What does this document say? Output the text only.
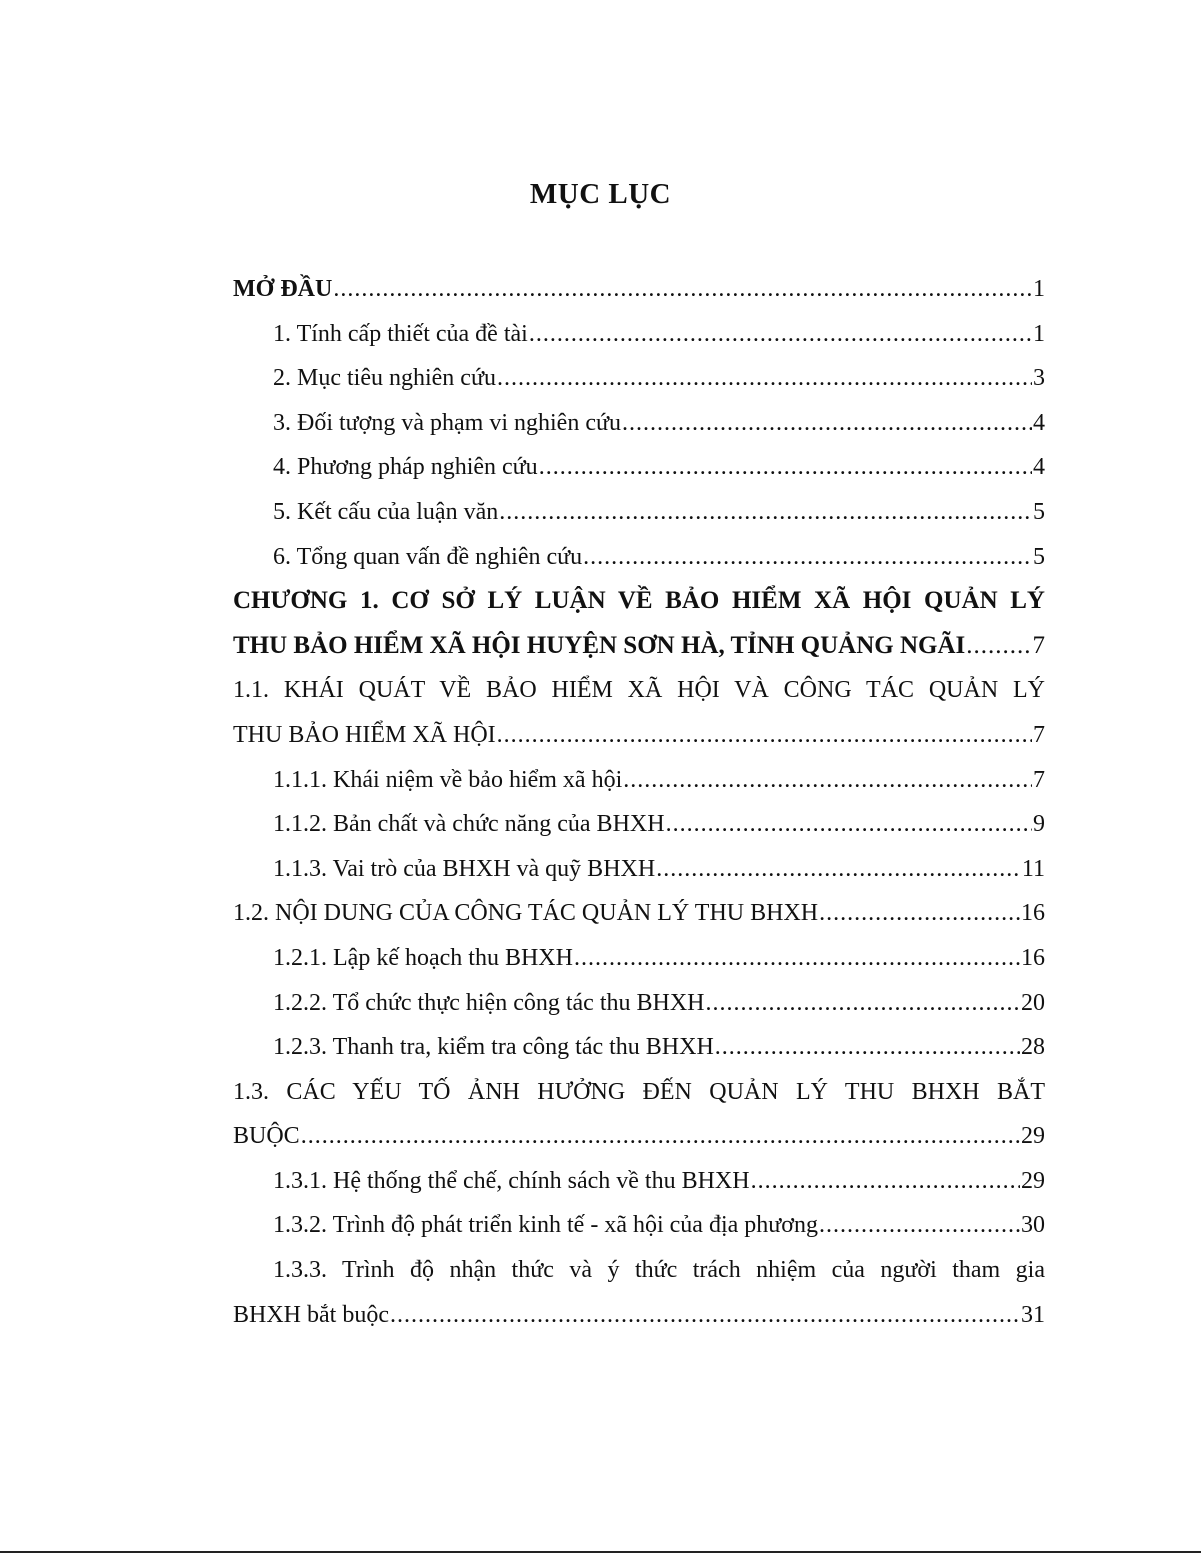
MỤC LỤC
MỞ ĐẦU .....	1
1. Tính cấp thiết của đề tài .....	1
2. Mục tiêu nghiên cứu .....	3
3. Đối tượng và phạm vi nghiên cứu .....	4
4. Phương pháp nghiên cứu .....	4
5. Kết cấu của luận văn .....	5
6. Tổng quan vấn đề nghiên cứu .....	5
CHƯƠNG 1. CƠ SỞ LÝ LUẬN VỀ BẢO HIỂM XÃ HỘI QUẢN LÝ
THU BẢO HIỂM XÃ HỘI HUYỆN SƠN HÀ, TỈNH QUẢNG NGÃI .....	7
1.1. KHÁI QUÁT VỀ BẢO HIỂM XÃ HỘI VÀ CÔNG TÁC QUẢN LÝ
THU BẢO HIỂM XÃ HỘI .....	7
1.1.1. Khái niệm về bảo hiểm xã hội .....	7
1.1.2. Bản chất và chức năng của BHXH .....	9
1.1.3. Vai trò của BHXH và quỹ BHXH .....	11
1.2. NỘI DUNG CỦA CÔNG TÁC QUẢN LÝ THU BHXH .....	16
1.2.1. Lập kế hoạch thu BHXH .....	16
1.2.2. Tổ chức thực hiện công tác thu BHXH .....	20
1.2.3. Thanh tra, kiểm tra công tác thu BHXH .....	28
1.3. CÁC YẾU TỐ ẢNH HƯỞNG ĐẾN QUẢN LÝ THU BHXH BẮT
BUỘC .....	29
1.3.1. Hệ thống thể chế, chính sách về thu BHXH .....	29
1.3.2. Trình độ phát triển kinh tế - xã hội của địa phương .....	30
1.3.3. Trình độ nhận thức và ý thức trách nhiệm của người tham gia
BHXH bắt buộc .....	31
